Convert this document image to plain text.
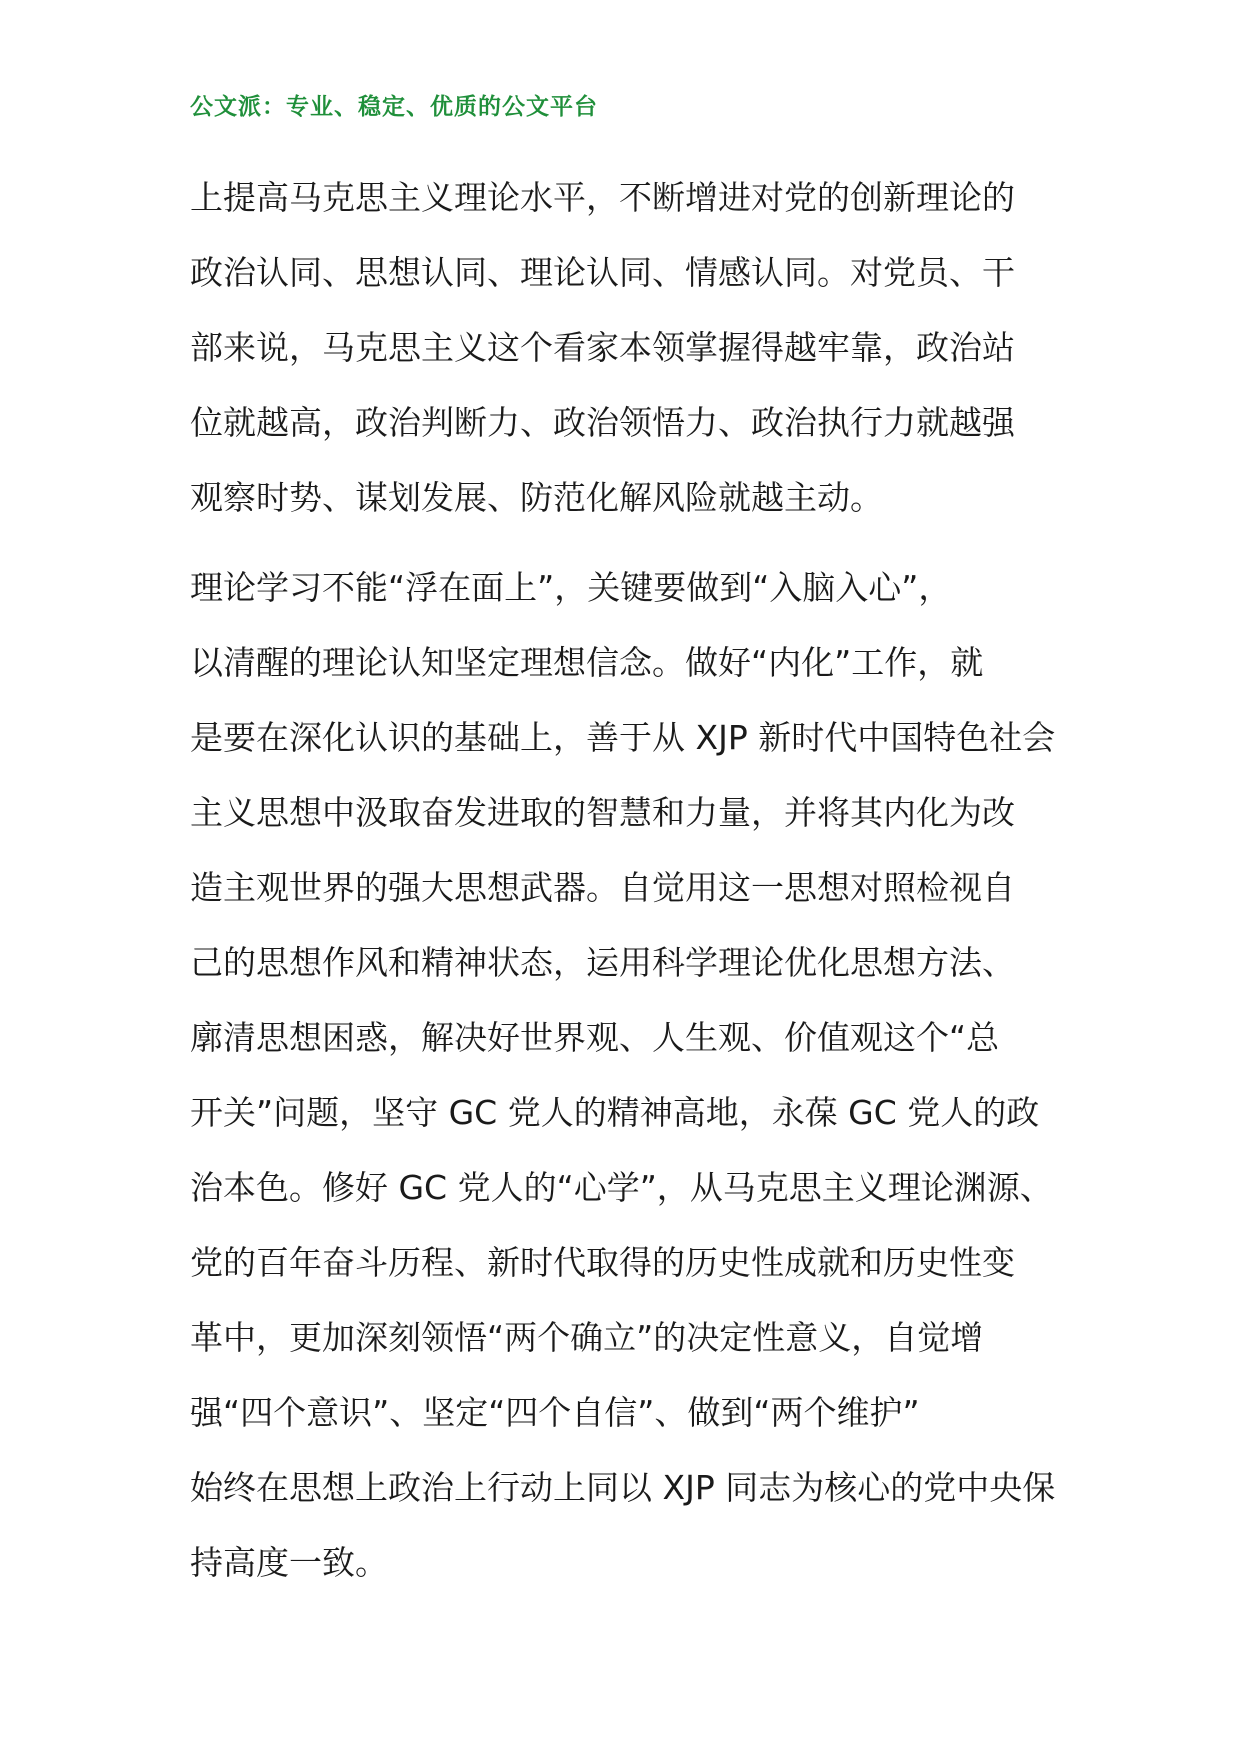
公文派：专业、稳定、优质的公文平台
上提高马克思主义理论水平，不断增进对党的创新理论的
政治认同、思想认同、理论认同、情感认同。对党员、干
部来说，马克思主义这个看家本领掌握得越牢靠，政治站
位就越高，政治判断力、政治领悟力、政治执行力就越强
观察时势、谋划发展、防范化解风险就越主动。
理论学习不能“浮在面上”，关键要做到“入脑入心”，
以清醒的理论认知坚定理想信念。做好“内化”工作，就
是要在深化认识的基础上，善于从 XJP 新时代中国特色社会
主义思想中汲取奋发进取的智慧和力量，并将其内化为改
造主观世界的强大思想武器。自觉用这一思想对照检视自
己的思想作风和精神状态，运用科学理论优化思想方法、
廓清思想困惑，解决好世界观、人生观、价值观这个“总
开关”问题，坚守 GC 党人的精神高地，永葆 GC 党人的政
治本色。修好 GC 党人的“心学”，从马克思主义理论渊源、
党的百年奋斗历程、新时代取得的历史性成就和历史性变
革中，更加深刻领悟“两个确立”的决定性意义，自觉增
强“四个意识”、坚定“四个自信”、做到“两个维护”
始终在思想上政治上行动上同以 XJP 同志为核心的党中央保
持高度一致。
